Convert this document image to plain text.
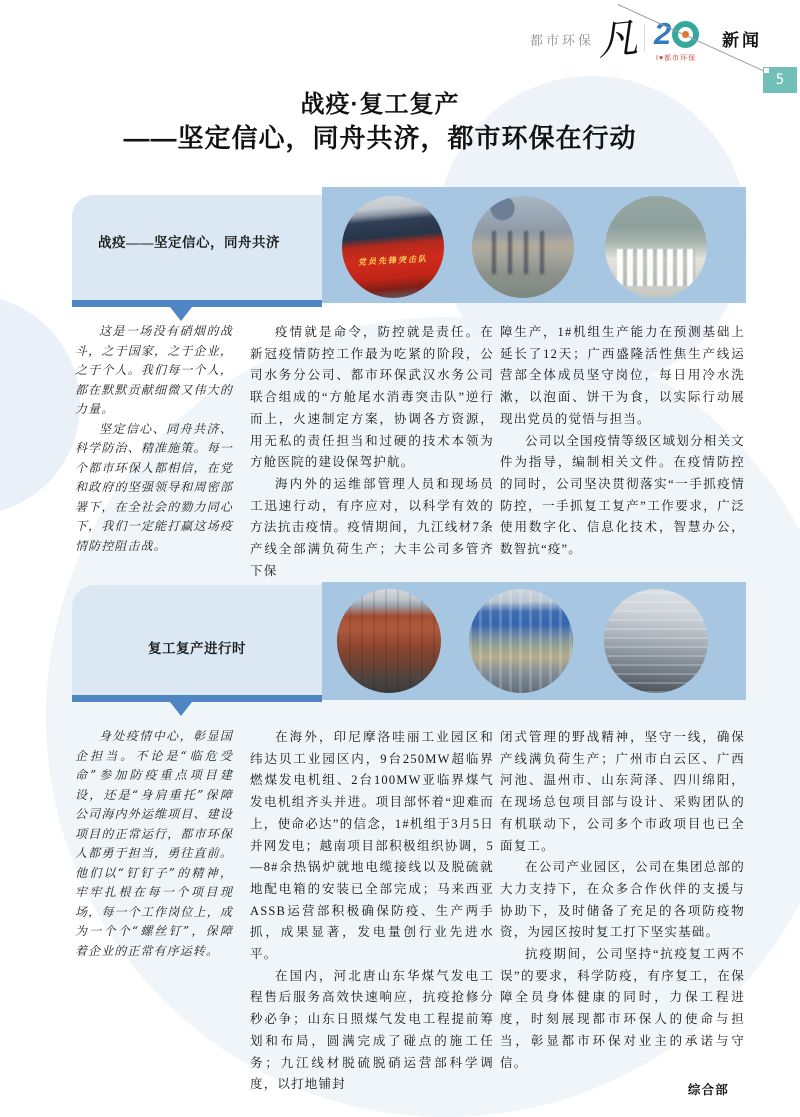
都市环保 凡 2
I♥都市环保
新闻
5
战疫·复工复产
——坚定信心，同舟共济，都市环保在行动
党员先锋突击队
战疫——坚定信心，同舟共济

这是一场没有硝烟的战斗，之于国家，之于企业，之于个人。我们每一个人，都在默默贡献细微又伟大的力量。

坚定信心、同舟共济、科学防治、精准施策。每一个都市环保人都相信，在党和政府的坚强领导和周密部署下，在全社会的勠力同心下，我们一定能打赢这场疫情防控阻击战。

疫情就是命令，防控就是责任。在新冠疫情防控工作最为吃紧的阶段，公司水务分公司、都市环保武汉水务公司联合组成的“方舱尾水消毒突击队”逆行而上，火速制定方案，协调各方资源，用无私的责任担当和过硬的技术本领为方舱医院的建设保驾护航。

海内外的运维部管理人员和现场员工迅速行动，有序应对，以科学有效的方法抗击疫情。疫情期间，九江线材7条产线全部满负荷生产；大丰公司多管齐下保

障生产，1#机组生产能力在预测基础上延长了12天；广西盛隆活性焦生产线运营部全体成员坚守岗位，每日用冷水洗漱，以泡面、饼干为食，以实际行动展现出党员的觉悟与担当。

公司以全国疫情等级区域划分相关文件为指导，编制相关文件。在疫情防控的同时，公司坚决贯彻落实“一手抓疫情防控，一手抓复工复产”工作要求，广泛使用数字化、信息化技术，智慧办公，数智抗“疫”。

复工复产进行时

身处疫情中心，彰显国企担当。不论是“临危受命”参加防疫重点项目建设，还是“身肩重托”保障公司海内外运维项目、建设项目的正常运行，都市环保人都勇于担当，勇往直前。他们以“钉钉子”的精神，牢牢扎根在每一个项目现场，每一个工作岗位上，成为一个个“螺丝钉”，保障着企业的正常有序运转。

在海外，印尼摩洛哇丽工业园区和纬达贝工业园区内，9台250MW超临界燃煤发电机组、2台100MW亚临界煤气发电机组齐头并进。项目部怀着“迎难而上，使命必达”的信念，1#机组于3月5日并网发电；越南项目部积极组织协调，5—8#余热锅炉就地电缆接线以及脱硫就地配电箱的安装已全部完成；马来西亚ASSB运营部积极确保防疫、生产两手抓，成果显著，发电量创行业先进水平。

在国内，河北唐山东华煤气发电工程售后服务高效快速响应，抗疫抢修分秒必争；山东日照煤气发电工程提前筹划和布局，圆满完成了碰点的施工任务；九江线材脱硫脱硝运营部科学调度，以打地铺封

闭式管理的野战精神，坚守一线，确保产线满负荷生产；广州市白云区、广西河池、温州市、山东菏泽、四川绵阳，在现场总包项目部与设计、采购团队的有机联动下，公司多个市政项目也已全面复工。

在公司产业园区，公司在集团总部的大力支持下，在众多合作伙伴的支援与协助下，及时储备了充足的各项防疫物资，为园区按时复工打下坚实基础。

抗疫期间，公司坚持“抗疫复工两不误”的要求，科学防疫，有序复工，在保障全员身体健康的同时，力保工程进度，时刻展现都市环保人的使命与担当，彰显都市环保对业主的承诺与守信。

综合部
